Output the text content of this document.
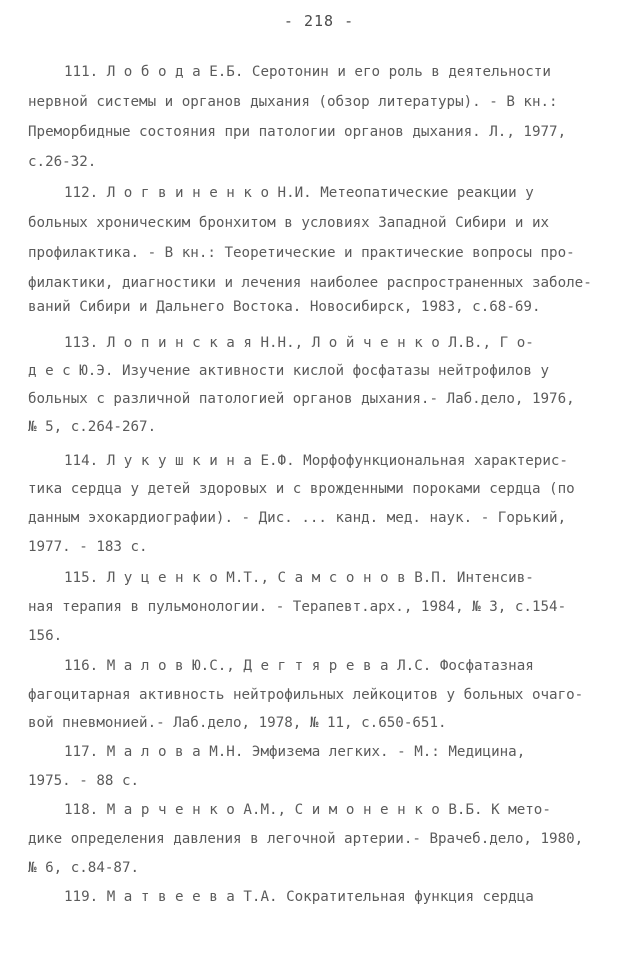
- 218 -
111. Л о б о д а Е.Б. Серотонин и его роль в деятельности
нервной системы и органов дыхания (обзор литературы). - В кн.:
Преморбидные состояния при патологии органов дыхания. Л., 1977,
с.26-32.
112. Л о г в и н е н к о Н.И. Метеопатические реакции у
больных хроническим бронхитом в условиях Западной Сибири и их
профилактика. - В кн.: Теоретические и практические вопросы про-
филактики, диагностики и лечения наиболее распространенных заболе-
ваний Сибири и Дальнего Востока. Новосибирск, 1983, с.68-69.
113. Л о п и н с к а я Н.Н., Л о й ч е н к о Л.В., Г о-
д е с Ю.Э. Изучение активности кислой фосфатазы нейтрофилов у
больных с различной патологией органов дыхания.- Лаб.дело, 1976,
№ 5, с.264-267.
114. Л у к у ш к и н а Е.Ф. Морфофункциональная характерис-
тика сердца у детей здоровых и с врожденными пороками сердца (по
данным эхокардиографии). - Дис. ... канд. мед. наук. - Горький,
1977. - 183 с.
115. Л у ц е н к о М.Т., С а м с о н о в В.П. Интенсив-
ная терапия в пульмонологии. - Терапевт.арх., 1984, № 3, с.154-
156.
116. М а л о в Ю.С., Д е г т я р е в а Л.С. Фосфатазная
фагоцитарная активность нейтрофильных лейкоцитов у больных очаго-
вой пневмонией.- Лаб.дело, 1978, № 11, с.650-651.
117. М а л о в а М.Н. Эмфизема легких. - М.: Медицина,
1975. - 88 с.
118. М а р ч е н к о А.М., С и м о н е н к о В.Б. К мето-
дике определения давления в легочной артерии.- Врачеб.дело, 1980,
№ 6, с.84-87.
119. М а т в е е в а Т.А. Сократительная функция сердца
